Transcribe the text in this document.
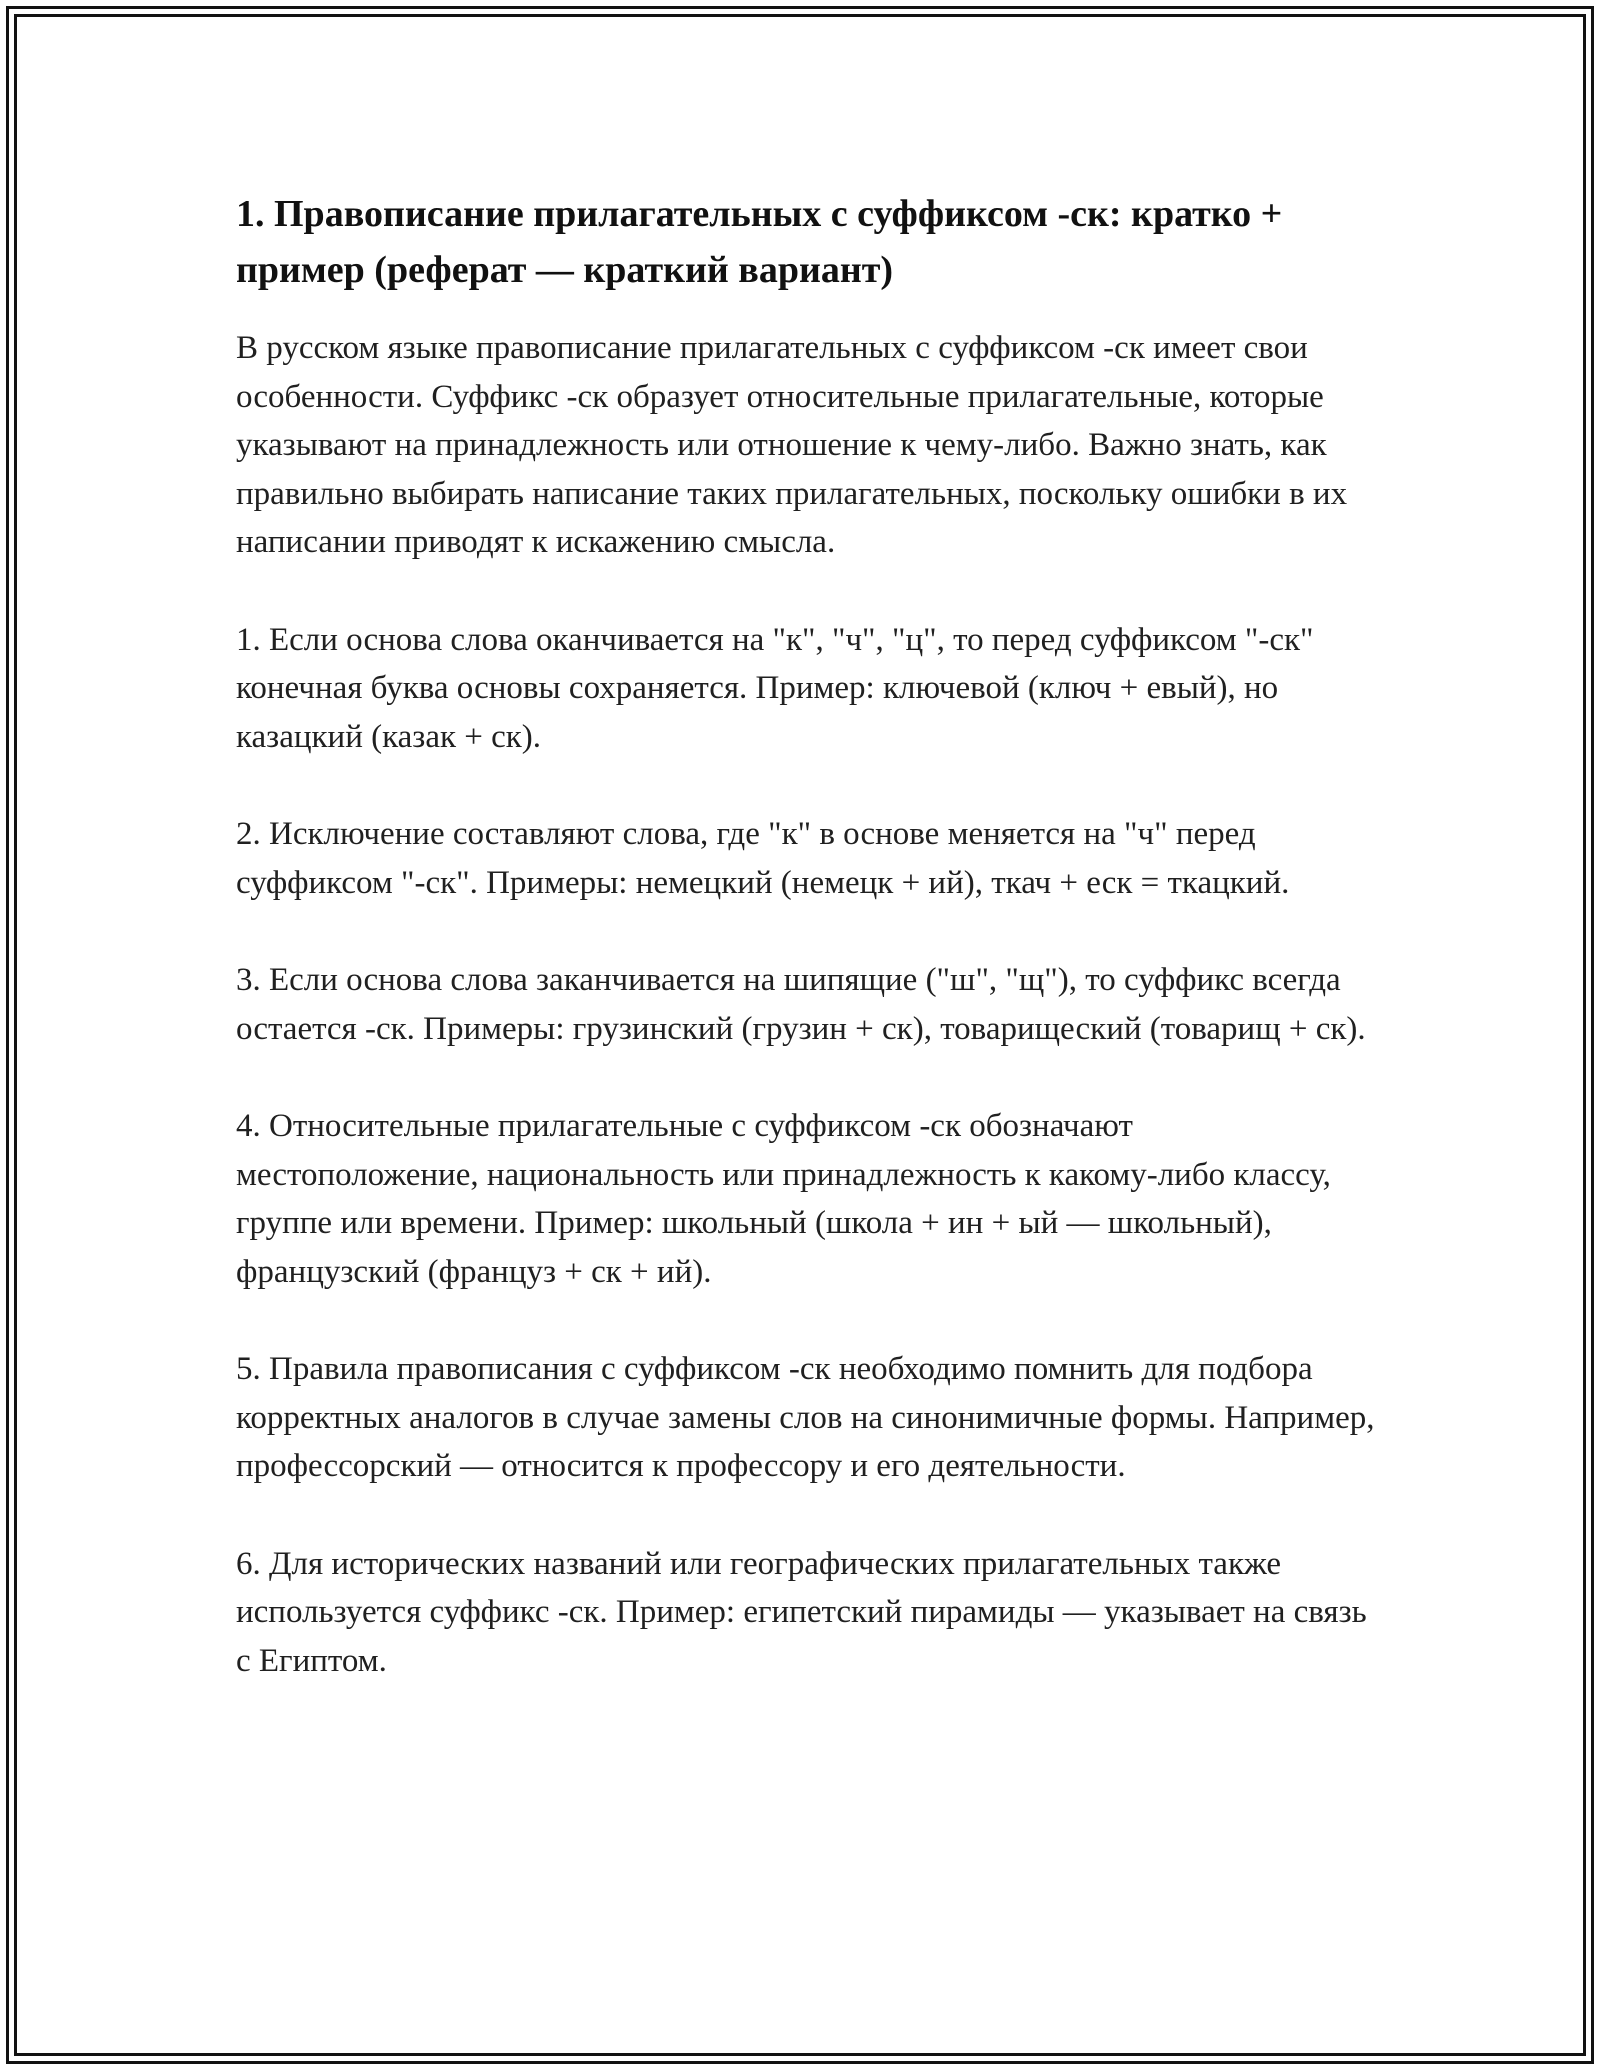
1. Правописание прилагательных с суффиксом -ск: кратко + пример (реферат — краткий вариант)

В русском языке правописание прилагательных с суффиксом -ск имеет свои особенности. Суффикс -ск образует относительные прилагательные, которые указывают на принадлежность или отношение к чему-либо. Важно знать, как правильно выбирать написание таких прилагательных, поскольку ошибки в их написании приводят к искажению смысла.

1. Если основа слова оканчивается на "к", "ч", "ц", то перед суффиксом "-ск" конечная буква основы сохраняется. Пример: ключевой (ключ + евый), но казацкий (казак + ск).

2. Исключение составляют слова, где "к" в основе меняется на "ч" перед суффиксом "-ск". Примеры: немецкий (немецк + ий), ткач + еск = ткацкий.

3. Если основа слова заканчивается на шипящие ("ш", "щ"), то суффикс всегда остается -ск. Примеры: грузинский (грузин + ск), товарищеский (товарищ + ск).

4. Относительные прилагательные с суффиксом -ск обозначают местоположение, национальность или принадлежность к какому-либо классу, группе или времени. Пример: школьный (школа + ин + ый — школьный), французский (француз + ск + ий).

5. Правила правописания с суффиксом -ск необходимо помнить для подбора корректных аналогов в случае замены слов на синонимичные формы. Например, профессорский — относится к профессору и его деятельности.

6. Для исторических названий или географических прилагательных также используется суффикс -ск. Пример: египетский пирамиды — указывает на связь с Египтом.
